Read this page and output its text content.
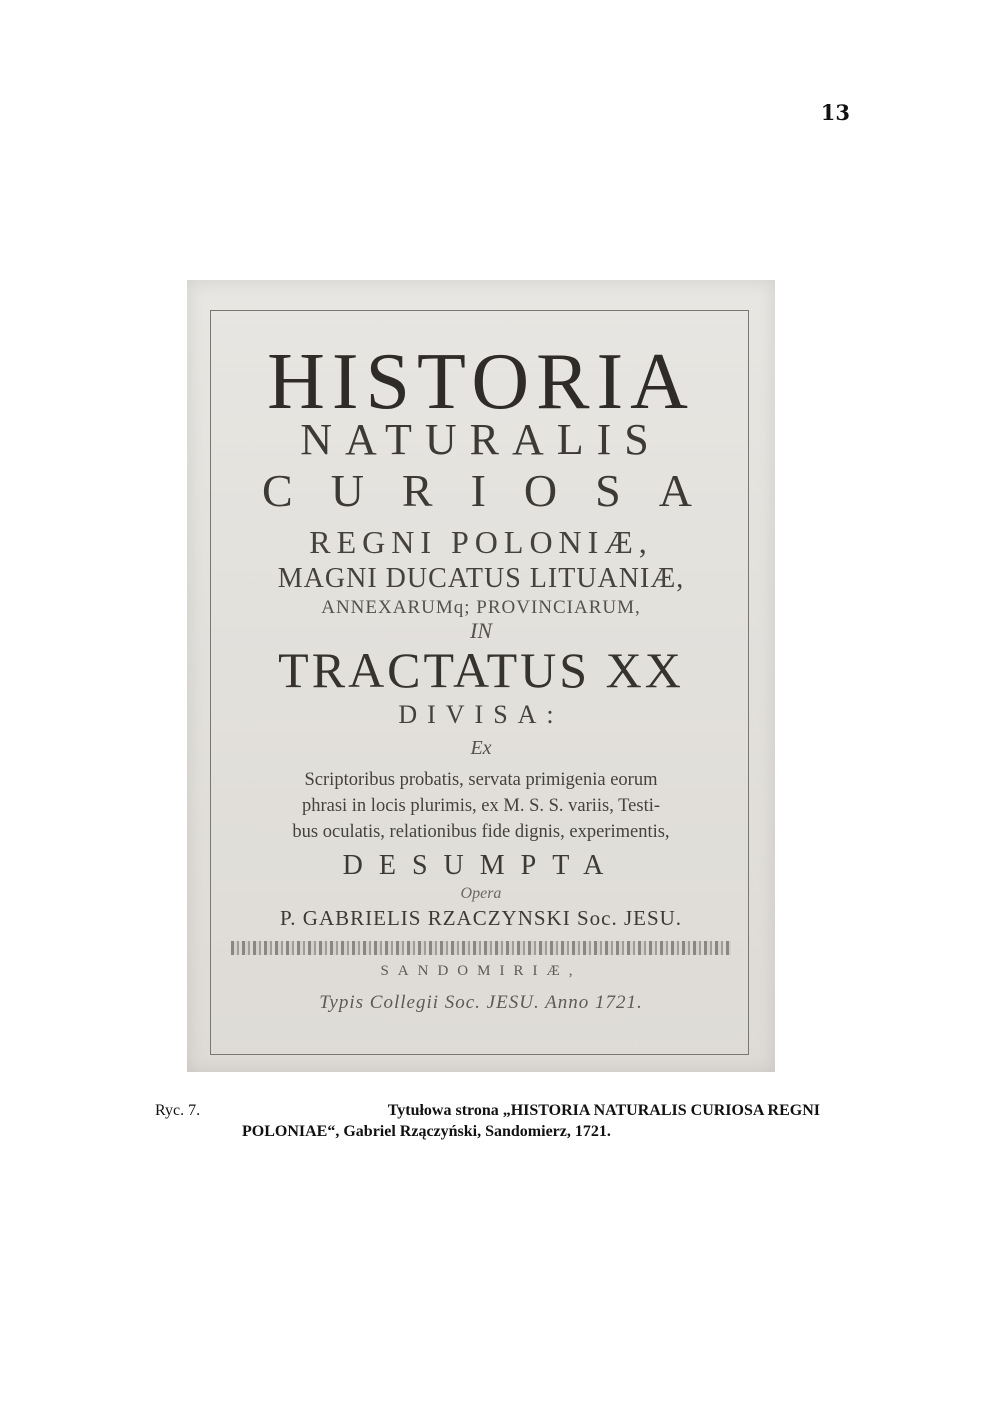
13
HISTORIA
NATURALIS
CURIOSA
REGNI POLONIÆ,
MAGNI DUCATUS LITUANIÆ,
ANNEXARUMq; PROVINCIARUM,
IN
TRACTATUS XX
DIVISA:
Ex
Scriptoribus probatis, servata primigenia eorum
phrasi in locis plurimis, ex M. S. S. variis, Testi-
bus oculatis, relationibus fide dignis, experimentis,
DESUMPTA
Opera
P. GABRIELIS RZACZYNSKI Soc. JESU.
SANDOMIRIÆ,
Typis Collegii Soc. JESU. Anno 1721.
Ryc. 7.	Tytułowa strona „HISTORIA NATURALIS CURIOSA REGNI
POLONIAE“, Gabriel Rzączyński, Sandomierz, 1721.
